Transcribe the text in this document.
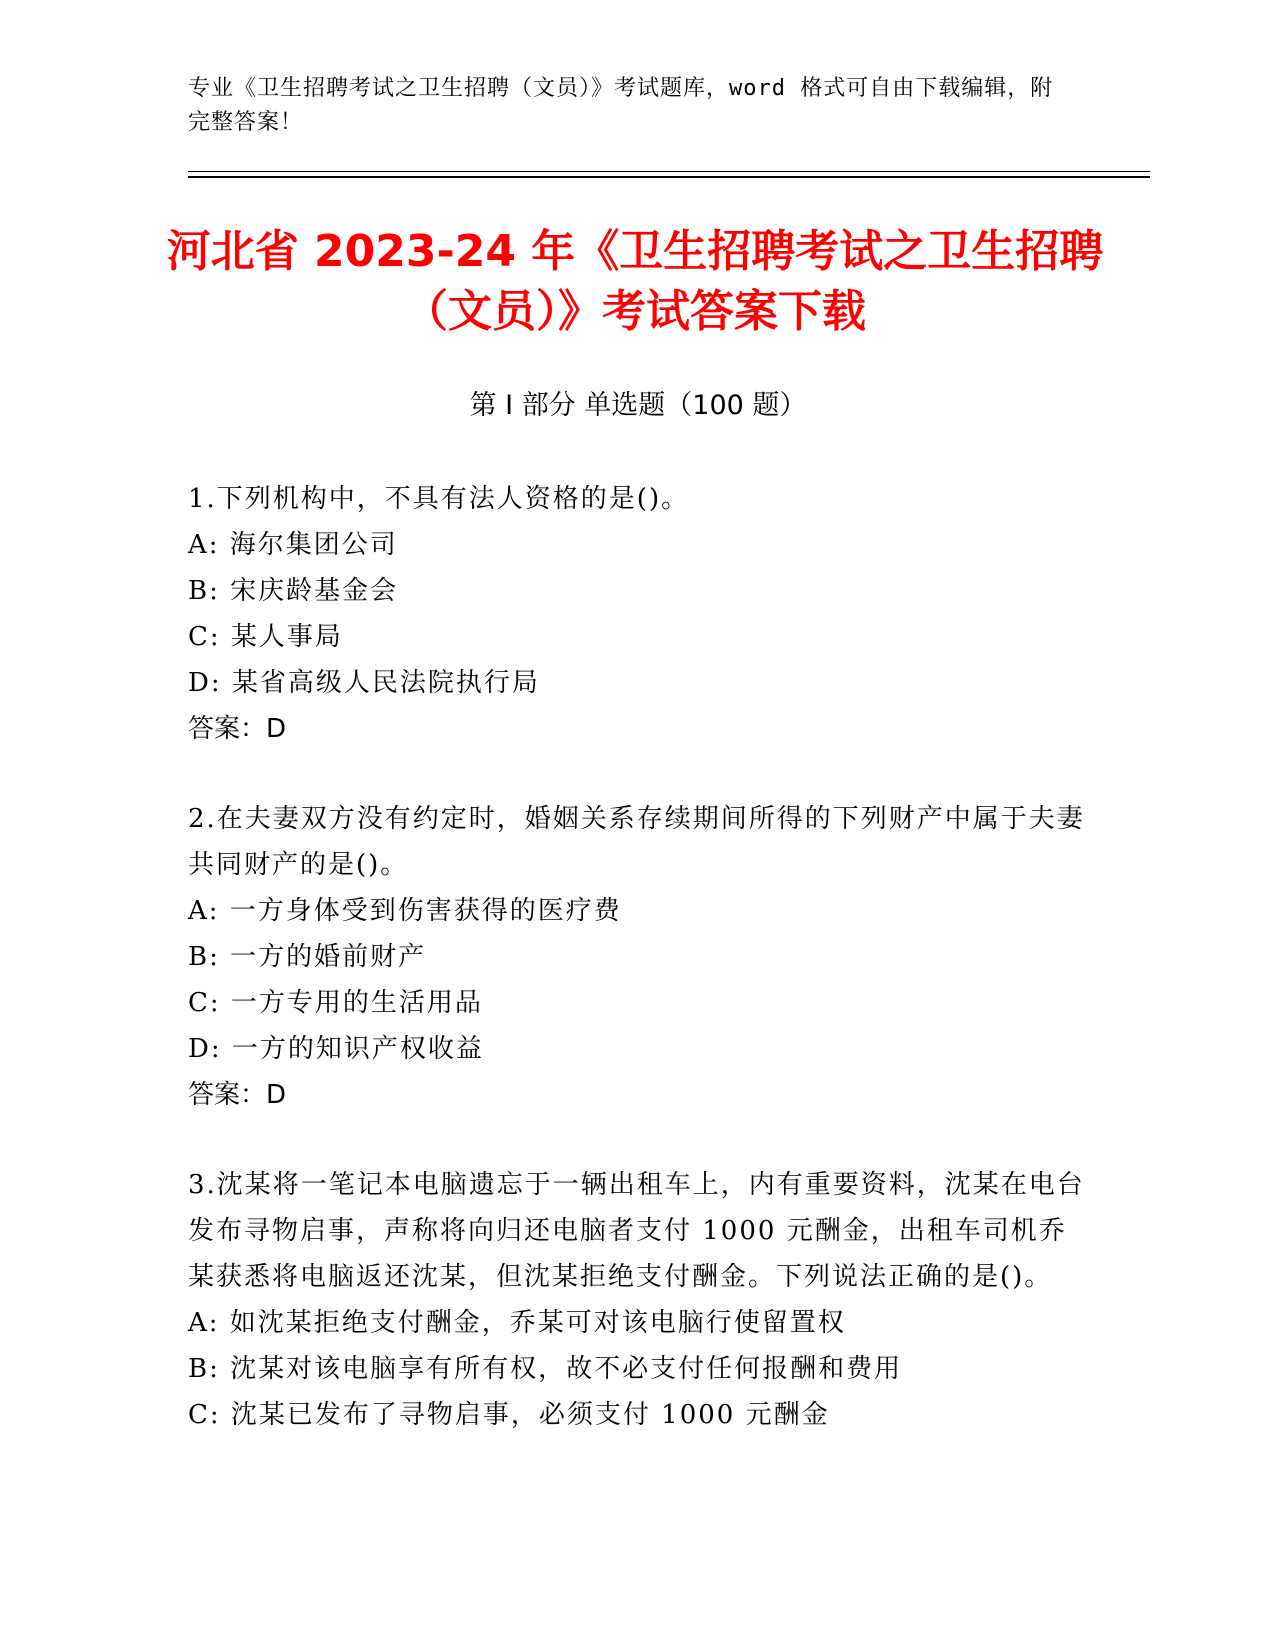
专业《卫生招聘考试之卫生招聘（文员）》考试题库，word 格式可自由下载编辑，附完整答案！
河北省 2023-24 年《卫生招聘考试之卫生招聘（文员）》考试答案下载
第 I 部分 单选题（100 题）

1.下列机构中，不具有法人资格的是()。

A: 海尔集团公司

B: 宋庆龄基金会

C: 某人事局

D: 某省高级人民法院执行局

答案：D

2.在夫妻双方没有约定时，婚姻关系存续期间所得的下列财产中属于夫妻共同财产的是()。

A: 一方身体受到伤害获得的医疗费

B: 一方的婚前财产

C: 一方专用的生活用品

D: 一方的知识产权收益

答案：D

3.沈某将一笔记本电脑遗忘于一辆出租车上，内有重要资料，沈某在电台发布寻物启事，声称将向归还电脑者支付 1000 元酬金，出租车司机乔某获悉将电脑返还沈某，但沈某拒绝支付酬金。下列说法正确的是()。

A: 如沈某拒绝支付酬金，乔某可对该电脑行使留置权

B: 沈某对该电脑享有所有权，故不必支付任何报酬和费用

C: 沈某已发布了寻物启事，必须支付 1000 元酬金
